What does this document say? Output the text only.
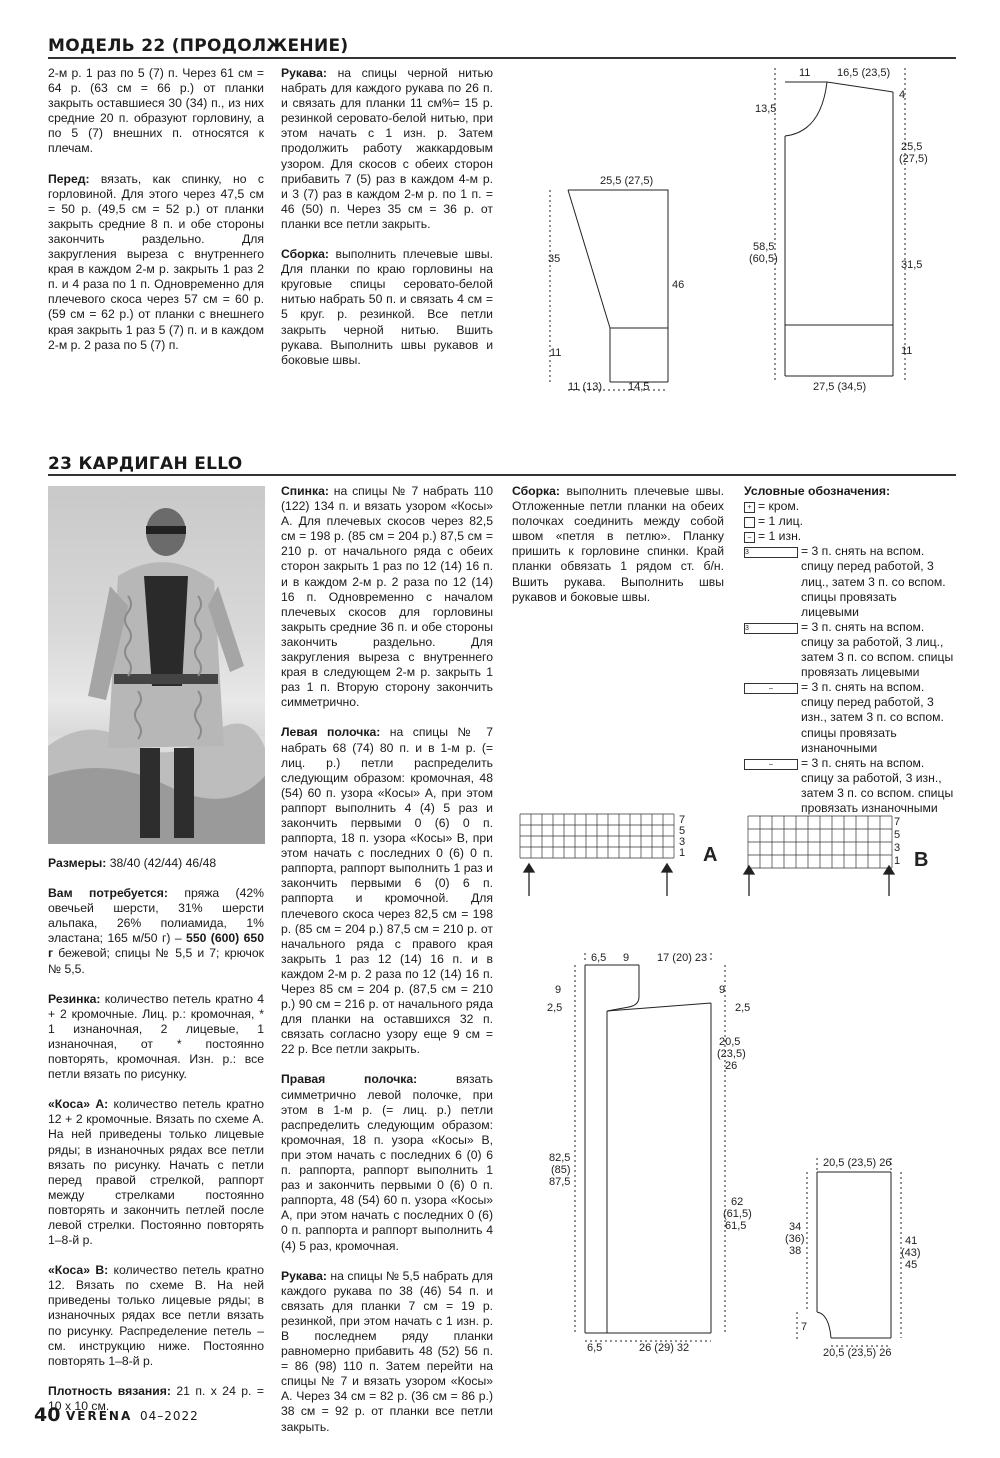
МОДЕЛЬ 22 (ПРОДОЛЖЕНИЕ)

2-м р. 1 раз по 5 (7) п. Через 61 см = 64 р. (63 см = 66 р.) от планки закрыть оставшиеся 30 (34) п., из них средние 20 п. образуют горловину, а по 5 (7) внешних п. относятся к плечам.

Перед: вязать, как спинку, но с горловиной. Для этого через 47,5 см = 50 р. (49,5 см = 52 р.) от планки закрыть средние 8 п. и обе стороны закончить раздельно. Для закругления выреза с внутреннего края в каждом 2-м р. закрыть 1 раз 2 п. и 4 раза по 1 п. Одновременно для плечевого скоса через 57 см = 60 р. (59 см = 62 р.) от планки с внешнего края закрыть 1 раз 5 (7) п. и в каждом 2-м р. 2 раза по 5 (7) п.

Рукава: на спицы черной нитью набрать для каждого рукава по 26 п. и связать для планки 11 см%= 15 р. резинкой серовато-белой нитью, при этом начать с 1 изн. р. Затем продолжить работу жаккардовым узором. Для скосов с обеих сторон прибавить 7 (5) раз в каждом 4-м р. и 3 (7) раз в каждом 2-м р. по 1 п. = 46 (50) п. Через 35 см = 36 р. от планки все петли закрыть.

Сборка: выполнить плечевые швы. Для планки по краю горловины на круговые спицы серовато-белой нитью набрать 50 п. и связать 4 см = 5 круг. р. резинкой. Все петли закрыть черной нитью. Вшить рукава. Выполнить швы рукавов и боковые швы.

25,5 (27,5)
35
46
11
11 (13) 14,5
11 16,5 (23,5)
4
13,5
25,5
(27,5)
58,5
(60,5)	31,5
11
27,5 (34,5)
23 КАРДИГАН ELLO

Размеры: 38/40 (42/44) 46/48

Вам потребуется: пряжа (42% овечьей шерсти, 31% шерсти альпака, 26% полиамида, 1% эластана; 165 м/50 г) – 550 (600) 650 г бежевой; спицы № 5,5 и 7; крючок № 5,5.

Резинка: количество петель кратно 4 + 2 кромочные. Лиц. р.: кромочная, * 1 изнаночная, 2 лицевые, 1 изнаночная, от * постоянно повторять, кромочная. Изн. р.: все петли вязать по рисунку.

«Коса» А: количество петель кратно 12 + 2 кромочные. Вязать по схеме А. На ней приведены только лицевые ряды; в изнаночных рядах все петли вязать по рисунку. Начать с петли перед правой стрелкой, раппорт между стрелками постоянно повторять и закончить петлей после левой стрелки. Постоянно повторять 1–8-й р.

«Коса» В: количество петель кратно 12. Вязать по схеме В. На ней приведены только лицевые ряды; в изнаночных рядах все петли вязать по рисунку. Распределение петель – см. инструкцию ниже. Постоянно повторять 1–8-й р.

Плотность вязания: 21 п. х 24 р. = 10 х 10 см.

Спинка: на спицы № 7 набрать 110 (122) 134 п. и вязать узором «Косы» А. Для плечевых скосов через 82,5 см = 198 р. (85 см = 204 р.) 87,5 см = 210 р. от начального ряда с обеих сторон закрыть 1 раз по 12 (14) 16 п. и в каждом 2-м р. 2 раза по 12 (14) 16 п. Одновременно с началом плечевых скосов для горловины закрыть средние 36 п. и обе стороны закончить раздельно. Для закругления выреза с внутреннего края в следующем 2-м р. закрыть 1 раз 1 п. Вторую сторону закончить симметрично.

Левая полочка: на спицы № 7 набрать 68 (74) 80 п. и в 1-м р. (= лиц. р.) петли распределить следующим образом: кромочная, 48 (54) 60 п. узора «Косы» А, при этом раппорт выполнить 4 (4) 5 раз и закончить первыми 0 (6) 0 п. раппорта, 18 п. узора «Косы» В, при этом начать с последних 0 (6) 0 п. раппорта, раппорт выполнить 1 раз и закончить первыми 6 (0) 6 п. раппорта и кромочной. Для плечевого скоса через 82,5 см = 198 р. (85 см = 204 р.) 87,5 см = 210 р. от начального ряда с правого края закрыть 1 раз 12 (14) 16 п. и в каждом 2-м р. 2 раза по 12 (14) 16 п. Через 85 см = 204 р. (87,5 см = 210 р.) 90 см = 216 р. от начального ряда для планки на оставшихся 32 п. связать согласно узору еще 9 см = 22 р. Все петли закрыть.

Правая полочка: вязать симметрично левой полочке, при этом в 1-м р. (= лиц. р.) петли распределить следующим образом: кромочная, 18 п. узора «Косы» В, при этом начать с последних 6 (0) 6 п. раппорта, раппорт выполнить 1 раз и закончить первыми 0 (6) 0 п. раппорта, 48 (54) 60 п. узора «Косы» А, при этом начать с последних 0 (6) 0 п. раппорта и раппорт выполнить 4 (4) 5 раз, кромочная.

Рукава: на спицы № 5,5 набрать для каждого рукава по 38 (46) 54 п. и связать для планки 7 см = 19 р. резинкой, при этом начать с 1 изн. р. В последнем ряду планки равномерно прибавить 48 (52) 56 п. = 86 (98) 110 п. Затем перейти на спицы № 7 и вязать узором «Косы» А. Через 34 см = 82 р. (36 см = 86 р.) 38 см = 92 р. от планки все петли закрыть.

Сборка: выполнить плечевые швы. Отложенные петли планки на обеих полочках соединить между собой швом «петля в петлю». Планку пришить к горловине спинки. Край планки обвязать 1 рядом ст. б/н. Вшить рукава. Выполнить швы рукавов и боковые швы.

Условные обозначения:
+ = кром.
= 1 лиц.
– = 1 изн.
3	= 3 п. снять на вспом. спицу перед работой, 3 лиц., затем 3 п. со вспом. спицы провязать лицевыми
3	= 3 п. снять на вспом. спицу за работой, 3 лиц., затем 3 п. со вспом. спицы провязать лицевыми
–	= 3 п. снять на вспом. спицу перед работой, 3 изн., затем 3 п. со вспом. спицы провязать изнаночными
–	= 3 п. снять на вспом. спицу за работой, 3 изн., затем 3 п. со вспом. спицы провязать изнаночными
7
5
3
1 A
7
5
3
1 B
6,5 9	17 (20) 23
9
2,5
9
2,5
20,5
(23,5)
26
82,5
(85)
87,5
62
(61,5)
61,5
6,5	26 (29) 32
20,5 (23,5) 26
34
(36)
38
41
(43)
45
7
20,5 (23,5) 26
40 VERENA 04–2022
